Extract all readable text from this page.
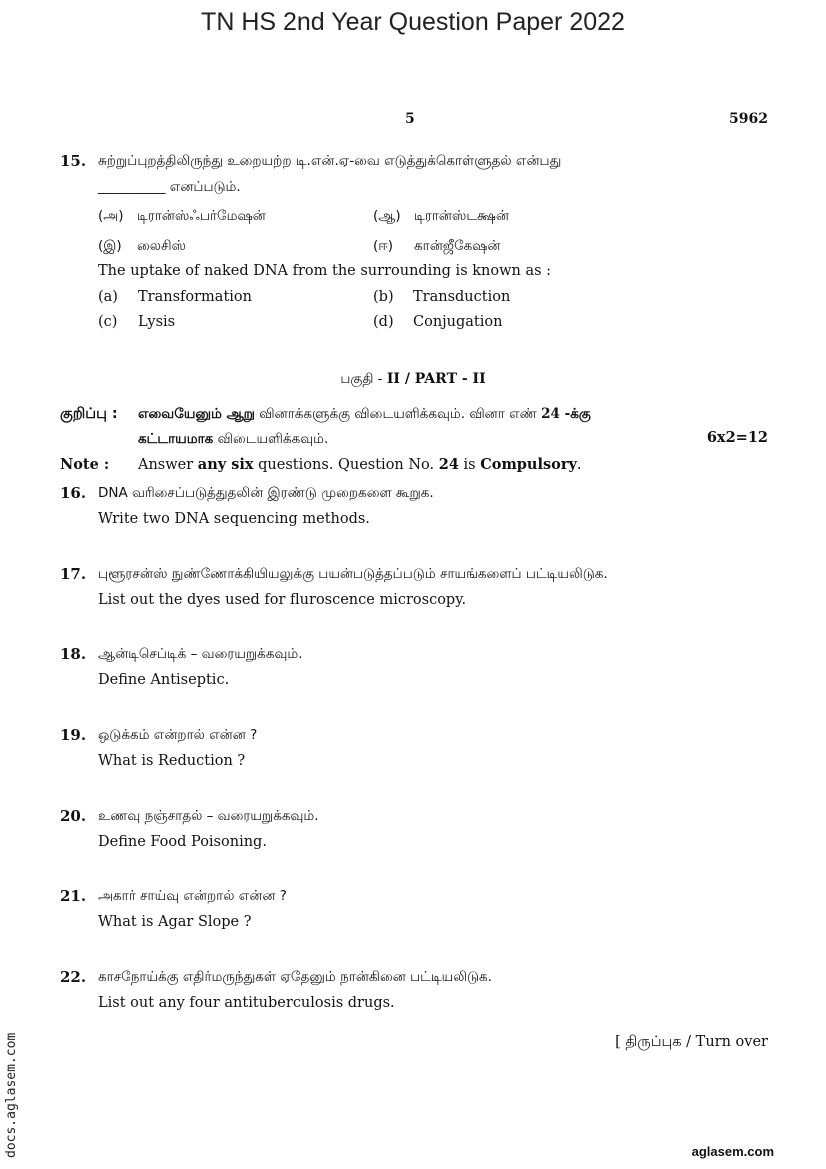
TN HS 2nd Year Question Paper 2022
5	5962
15. சுற்றுப்புறத்திலிருந்து உறையற்ற டி.என்.ஏ-வை எடுத்துக்கொள்ளுதல் என்பது
__________ எனப்படும்.
(அ) டிரான்ஸ்ஃபர்மேஷன்	(ஆ) டிரான்ஸ்டக்ஷன்
(இ) லைசிஸ்	(ஈ) கான்ஜீகேஷன்
The uptake of naked DNA from the surrounding is known as :
(a) Transformation	(b) Transduction
(c) Lysis	(d) Conjugation
பகுதி - II / PART - II
குறிப்பு : எவையேனும் ஆறு வினாக்களுக்கு விடையளிக்கவும். வினா எண் 24 -க்கு
கட்டாயமாக விடையளிக்கவும்.	6x2=12
Note : Answer any six questions. Question No. 24 is Compulsory.
16. DNA வரிசைப்படுத்துதலின் இரண்டு முறைகளை கூறுக.
Write two DNA sequencing methods.
17. புளூரசன்ஸ் நுண்ணோக்கியியலுக்கு பயன்படுத்தப்படும் சாயங்களைப் பட்டியலிடுக.
List out the dyes used for fluroscence microscopy.
18. ஆன்டிசெப்டிக் – வரையறுக்கவும்.
Define Antiseptic.
19. ஒடுக்கம் என்றால் என்ன ?
What is Reduction ?
20. உணவு நஞ்சாதல் – வரையறுக்கவும்.
Define Food Poisoning.
21. அகார் சாய்வு என்றால் என்ன ?
What is Agar Slope ?
22. காசநோய்க்கு எதிர்மருந்துகள் ஏதேனும் நான்கினை பட்டியலிடுக.
List out any four antituberculosis drugs.
[ திருப்புக / Turn over
docs.aglasem.com	aglasem.com
